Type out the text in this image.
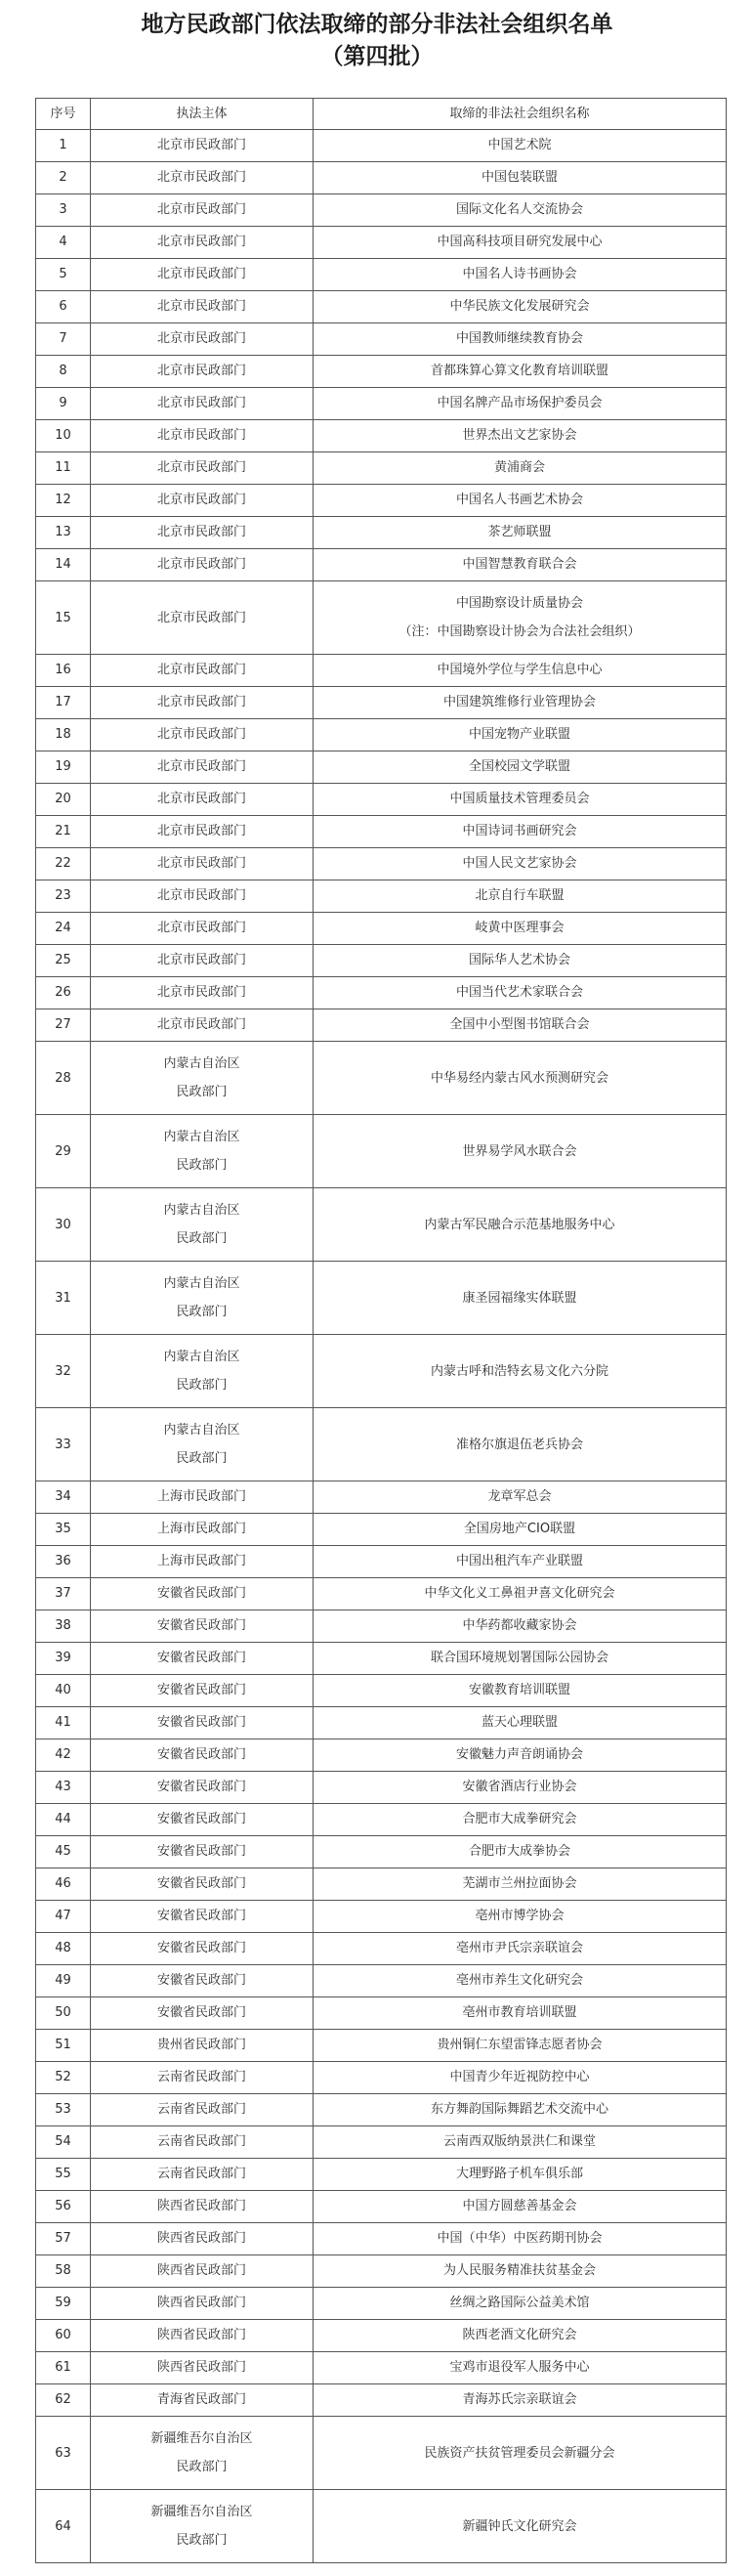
地方民政部门依法取缔的部分非法社会组织名单
（第四批）
序号	执法主体	取缔的非法社会组织名称
1	北京市民政部门	中国艺术院
2	北京市民政部门	中国包装联盟
3	北京市民政部门	国际文化名人交流协会
4	北京市民政部门	中国高科技项目研究发展中心
5	北京市民政部门	中国名人诗书画协会
6	北京市民政部门	中华民族文化发展研究会
7	北京市民政部门	中国教师继续教育协会
8	北京市民政部门	首都珠算心算文化教育培训联盟
9	北京市民政部门	中国名牌产品市场保护委员会
10	北京市民政部门	世界杰出文艺家协会
11	北京市民政部门	黄浦商会
12	北京市民政部门	中国名人书画艺术协会
13	北京市民政部门	茶艺师联盟
14	北京市民政部门	中国智慧教育联合会
15	北京市民政部门	中国勘察设计质量协会
（注：中国勘察设计协会为合法社会组织）
16	北京市民政部门	中国境外学位与学生信息中心
17	北京市民政部门	中国建筑维修行业管理协会
18	北京市民政部门	中国宠物产业联盟
19	北京市民政部门	全国校园文学联盟
20	北京市民政部门	中国质量技术管理委员会
21	北京市民政部门	中国诗词书画研究会
22	北京市民政部门	中国人民文艺家协会
23	北京市民政部门	北京自行车联盟
24	北京市民政部门	岐黄中医理事会
25	北京市民政部门	国际华人艺术协会
26	北京市民政部门	中国当代艺术家联合会
27	北京市民政部门	全国中小型图书馆联合会
28	内蒙古自治区
民政部门	中华易经内蒙古风水预测研究会
29	内蒙古自治区
民政部门	世界易学风水联合会
30	内蒙古自治区
民政部门	内蒙古军民融合示范基地服务中心
31	内蒙古自治区
民政部门	康圣园福缘实体联盟
32	内蒙古自治区
民政部门	内蒙古呼和浩特玄易文化六分院
33	内蒙古自治区
民政部门	准格尔旗退伍老兵协会
34	上海市民政部门	龙章军总会
35	上海市民政部门	全国房地产CIO联盟
36	上海市民政部门	中国出租汽车产业联盟
37	安徽省民政部门	中华文化义工鼻祖尹喜文化研究会
38	安徽省民政部门	中华药都收藏家协会
39	安徽省民政部门	联合国环境规划署国际公园协会
40	安徽省民政部门	安徽教育培训联盟
41	安徽省民政部门	蓝天心理联盟
42	安徽省民政部门	安徽魅力声音朗诵协会
43	安徽省民政部门	安徽省酒店行业协会
44	安徽省民政部门	合肥市大成拳研究会
45	安徽省民政部门	合肥市大成拳协会
46	安徽省民政部门	芜湖市兰州拉面协会
47	安徽省民政部门	亳州市博学协会
48	安徽省民政部门	亳州市尹氏宗亲联谊会
49	安徽省民政部门	亳州市养生文化研究会
50	安徽省民政部门	亳州市教育培训联盟
51	贵州省民政部门	贵州铜仁东望雷锋志愿者协会
52	云南省民政部门	中国青少年近视防控中心
53	云南省民政部门	东方舞韵国际舞蹈艺术交流中心
54	云南省民政部门	云南西双版纳景洪仁和课堂
55	云南省民政部门	大理野路子机车俱乐部
56	陕西省民政部门	中国方圆慈善基金会
57	陕西省民政部门	中国（中华）中医药期刊协会
58	陕西省民政部门	为人民服务精准扶贫基金会
59	陕西省民政部门	丝绸之路国际公益美术馆
60	陕西省民政部门	陕西老酒文化研究会
61	陕西省民政部门	宝鸡市退役军人服务中心
62	青海省民政部门	青海苏氏宗亲联谊会
63	新疆维吾尔自治区
民政部门	民族资产扶贫管理委员会新疆分会
64	新疆维吾尔自治区
民政部门	新疆钟氏文化研究会
